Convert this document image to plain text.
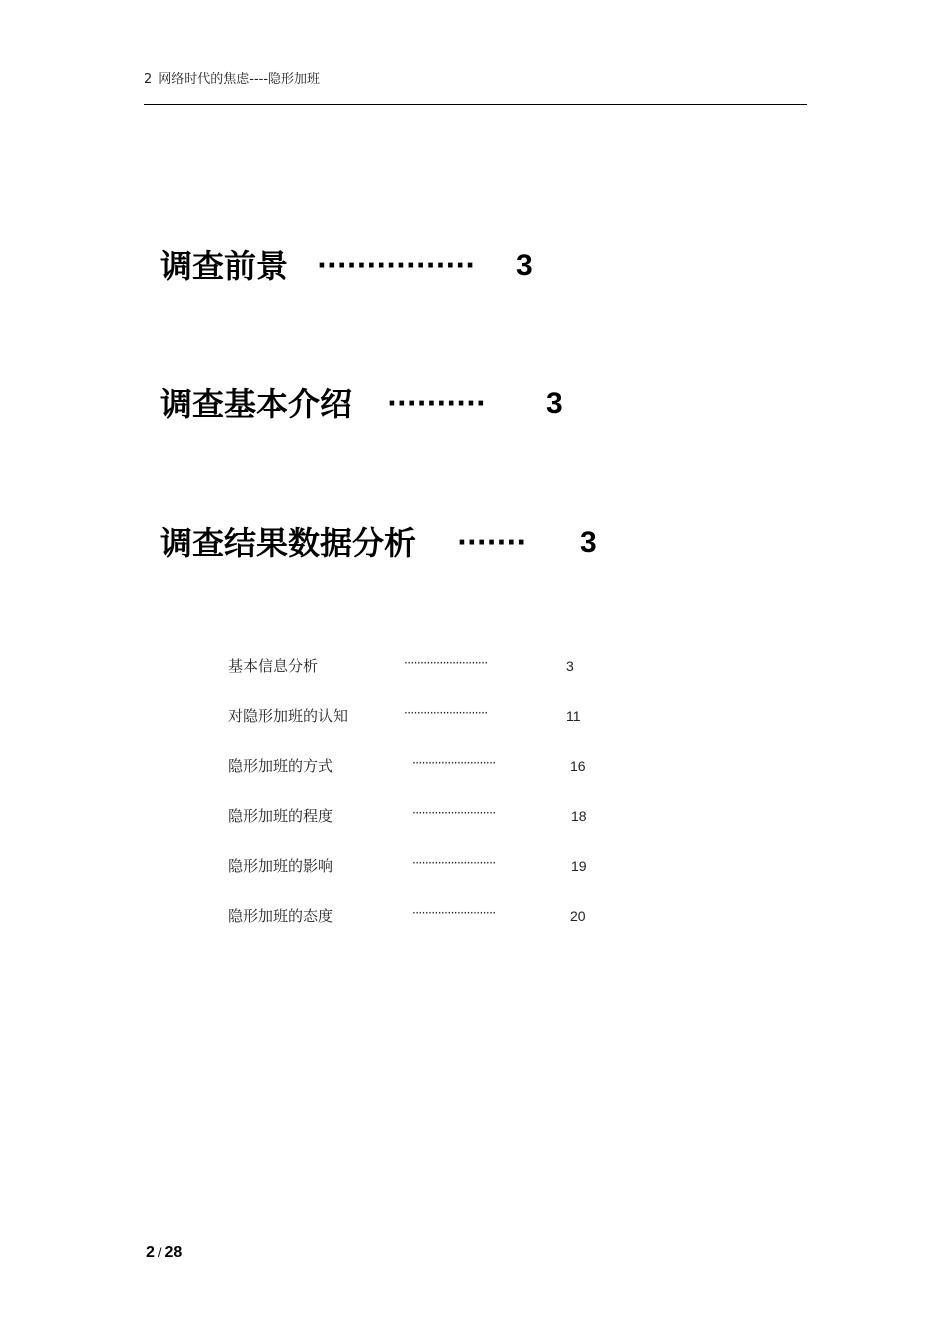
2 网络时代的焦虑----隐形加班
调查前景 ················ 3
调查基本介绍 ·········· 3
调查结果数据分析 ······· 3
基本信息分析	··························	3
对隐形加班的认知	··························	11
隐形加班的方式	··························	16
隐形加班的程度	··························	18
隐形加班的影响	··························	19
隐形加班的态度	··························	20
2 / 28
